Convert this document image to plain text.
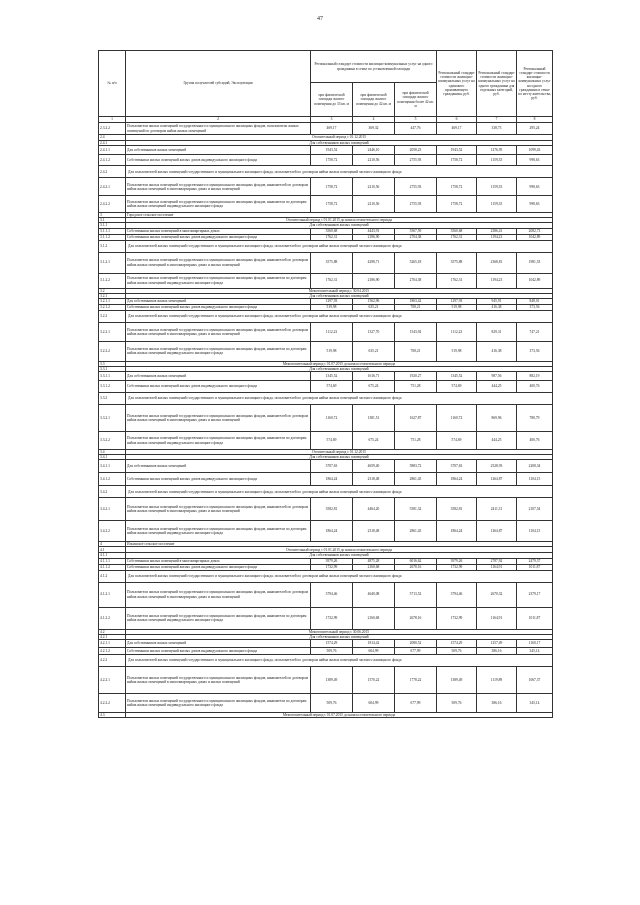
47
№ п/п	Группа получателей субсидий, Эксплуатация	Региональный стандарт стоимости жилищно-коммунальных услуг на одного гражданина в семье по установленной площади			Региональный стандарт стоимости жилищно-коммунальных услуг на одинокого проживающего гражданина, руб.	Региональный стандарт стоимости жилищно-коммунальных услуг на одного гражданина для отдельных категорий, руб.	Региональный стандарт стоимости жилищно-коммунальных услуг на одного гражданина в семье по месту жительства, руб.
		при фактической площади жилого помещения до 33 кв. м	при фактической площади жилого помещения до 42 кв. м	при фактической площади жилого помещения более 42 кв. м			
1	2	3	4	5	6	7	8
2.3.2.2	Пользователи жилых помещений государственного и муниципального жилищных фондов, пользователи жилых помещений по договорам найма жилых помещений	469,17	369,32	447,76	469,17	338,73	295,24
2.4	Отопительный период с 01.12.2015						
2.4.1	Для собственников жилых помещений						
2.4.1.1	Для собственников жилых помещений	1943,52	2446,10	2058,23	1943,52	1276,95	1099,43
2.4.1.2	Собственники жилых помещений жилых домов индивидуального жилищного фонда	1758,72	2210,56	2755,93	1758,72	1159,35	998,63
2.4.2	Для пользователей жилых помещений государственного и муниципального жилищного фонда, пользователей по договорам найма жилых помещений частного жилищного фонда						
2.4.2.1	Пользователи жилых помещений государственного и муниципального жилищных фондов, нанимателей по договорам найма жилых помещений в многоквартирных домах и жилых помещений	1758,72	2210,56	2755,93	1758,72	1159,35	998,63
2.4.2.2	Пользователи жилых помещений государственного и муниципального жилищных фондов, наниматели по договорам найма жилых помещений индивидуального жилищного фонда	1758,72	2210,56	2755,93	1758,72	1159,35	998,63
3	Городское сельское поселение						
3.1	Отопительный период с 01.01.2015 до начала отопительного периода						
3.1.1	Для собственников жилых помещений						
3.1.1.1	Собственники жилых помещений в многоквартирных домах	3560,68	4443,91	5567,59	3560,68	2386,41	2082,73
3.1.1.2	Собственники жилых помещений жилых домов индивидуального жилищного фонда	1762,31	2186,90	2704,38	1762,31	1194,23	1042,89
3.1.2	Для пользователей жилых помещений государственного и муниципального жилищного фонда, пользователей по договорам найма жилых помещений частного жилищного фонда						
3.1.2.1	Пользователи жилых помещений государственного и муниципального жилищных фондов, нанимателей по договорам найма жилых помещений в многоквартирных домах и жилых помещений	3575,88	4298,71	5265,18	3575,88	2368,81	1981,53
3.1.2.2	Пользователи жилых помещений государственного и муниципального жилищных фондов, наниматели по договорам найма жилых помещений индивидуального жилищного фонда	1762,31	2186,90	2704,38	1762,31	1194,23	1042,89
3.2	Межотопительный период с 30.04.2015						
3.2.1	Для собственников жилых помещений						
3.2.1.1	Для собственников жилых помещений	1297,93	1562,96	1863,42	1297,93	945,91	848,01
3.2.1.2	Собственники жилых помещений жилых домов индивидуального жилищного фонда	519,98	635,21	708,21	519,98	416,38	373,56
3.2.2	Для пользователей жилых помещений государственного и муниципального жилищного фонда, пользователей по договорам найма жилых помещений частного жилищного фонда						
3.2.2.1	Пользователи жилых помещений государственного и муниципального жилищных фондов, нанимателей по договорам найма жилых помещений в многоквартирных домах и жилых помещений	1112,23	1327,70	1543,92	1112,23	829,31	747,21
3.2.2.2	Пользователи жилых помещений государственного и муниципального жилищных фондов, наниматели по договорам найма жилых помещений индивидуального жилищного фонда	519,98	635,21	708,21	519,98	416,38	373,56
3.3	Межотопительный период с 01.07.2015 до начала отопительного периода						
3.3.1	Для собственников жилых помещений						
3.3.1.1	Для собственников жилых помещений	1345,52	1616,71	1920,27	1345,52	987,56	882,19
3.3.1.2	Собственники жилых помещений жилых домов индивидуального жилищного фонда	574,69	675,24	751,28	574,69	444,25	400,76
3.3.2	Для пользователей жилых помещений государственного и муниципального жилищного фонда, пользователей по договорам найма жилых помещений частного жилищного фонда						
3.3.2.1	Пользователи жилых помещений государственного и муниципального жилищных фондов, нанимателей по договорам найма жилых помещений в многоквартирных домах и жилых помещений	1160,72	1381,51	1627,87	1160,72	869,96	780,79
3.3.2.2	Пользователи жилых помещений государственного и муниципального жилищных фондов, наниматели по договорам найма жилых помещений индивидуального жилищного фонда	574,69	675,24	751,28	574,69	444,25	400,76
3.4	Отопительный период с 01.12.2015						
3.4.1	Для собственников жилых помещений						
3.4.1.1	Для собственников жилых помещений	3707,63	4659,40	5883,72	3707,63	2528,93	2208,34
3.4.1.2	Собственники жилых помещений жилых домов индивидуального жилищного фонда	1864,24	2318,48	2861,45	1864,24	1264,87	1104,15
3.4.2	Для пользователей жилых помещений государственного и муниципального жилищного фонда, пользователей по договорам найма жилых помещений частного жилищного фонда						
3.4.2.1	Пользователи жилых помещений государственного и муниципального жилищных фондов, нанимателей по договорам найма жилых помещений в многоквартирных домах и жилых помещений	3582,81	4464,20	5581,32	3582,81	2411,31	2107,54
3.4.2.2	Пользователи жилых помещений государственного и муниципального жилищных фондов, наниматели по договорам найма жилых помещений индивидуального жилищного фонда	1864,24	2318,48	2861,45	1864,24	1264,87	1104,15
4	Ильинское сельское поселение						
4.1	Отопительный период с 01.01.2015 до начала отопительного периода						
4.1.1	Для собственников жилых помещений						
4.1.1.1	Собственники жилых помещений в многоквартирных домах	3979,26	4875,28	6016,62	3979,26	2787,92	2479,37
4.1.1.2	Собственники жилых помещений жилых домов индивидуального жилищного фонда	1732,99	2160,68	2678,16	1732,99	1164,91	1011,87
4.1.2	Для пользователей жилых помещений государственного и муниципального жилищного фонда, пользователей по договорам найма жилых помещений частного жилищного фонда						
4.1.2.1	Пользователи жилых помещений государственного и муниципального жилищных фондов, нанимателей по договорам найма жилых помещений в многоквартирных домах и жилых помещений	3794,46	4640,08	5713,52	3794,46	2670,32	2379,17
4.1.2.2	Пользователи жилых помещений государственного и муниципального жилищных фондов, наниматели по договорам найма жилых помещений индивидуального жилищного фонда	1732,99	2160,68	2678,16	1732,99	1164,91	1011,87
4.2	Межотопительный период с 30.06.2015						
4.2.1	Для собственников жилых помещений						
4.2.1.1	Для собственников жилых помещений	1574,29	1814,42	2080,52	1574,29	1257,49	1160,17
4.2.1.2	Собственники жилых помещений жилых домов индивидуального жилищного фонда	509,76	604,99	677,99	509,76	386,16	345,14
4.2.2	Для пользователей жилых помещений государственного и муниципального жилищного фонда, пользователей по договорам найма жилых помещений частного жилищного фонда						
4.2.2.1	Пользователи жилых помещений государственного и муниципального жилищных фондов, нанимателей по договорам найма жилых помещений в многоквартирных домах и жилых помещений	1389,49	1570,22	1778,22	1389,49	1119,89	1067,37
4.2.2.2	Пользователи жилых помещений государственного и муниципального жилищных фондов, наниматели по договорам найма жилых помещений индивидуального жилищного фонда	509,76	604,99	677,99	509,76	386,16	345,14
4.3	Межотопительный период с 01.07.2015 до начала отопительного периода						
